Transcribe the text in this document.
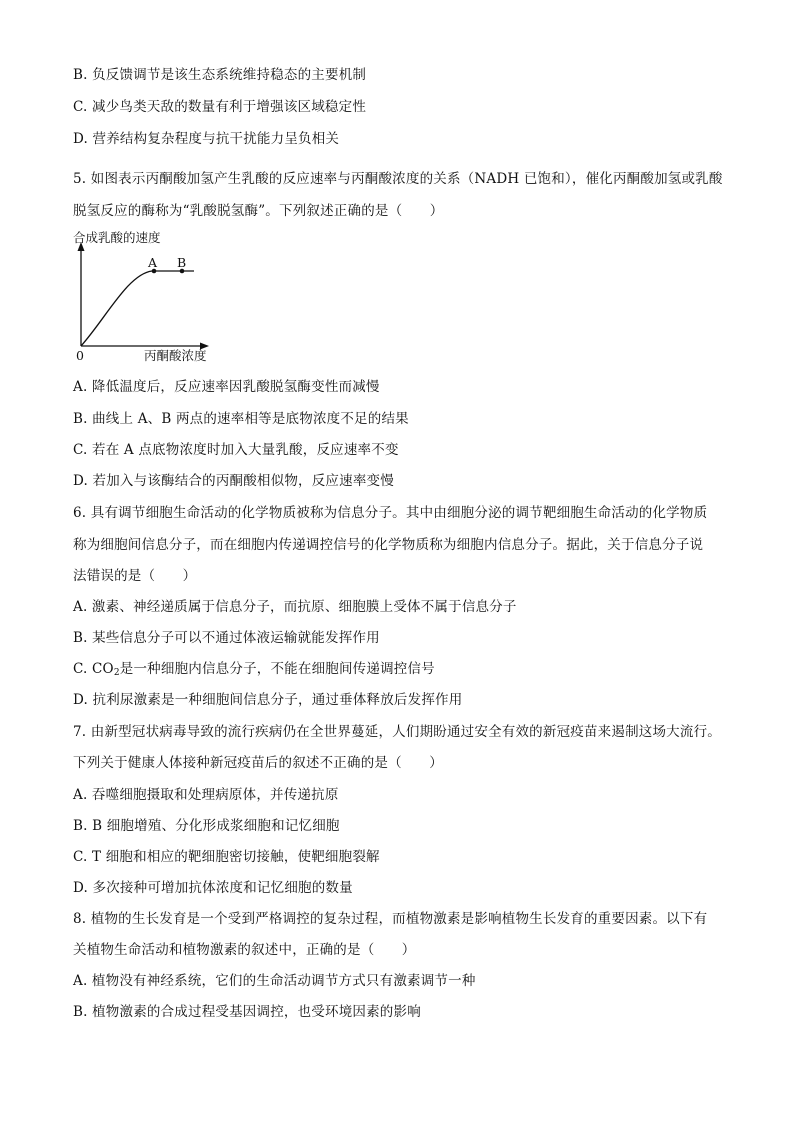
B. 负反馈调节是该生态系统维持稳态的主要机制
C. 减少鸟类天敌的数量有利于增强该区域稳定性
D. 营养结构复杂程度与抗干扰能力呈负相关
5. 如图表示丙酮酸加氢产生乳酸的反应速率与丙酮酸浓度的关系（NADH 已饱和），催化丙酮酸加氢或乳酸
脱氢反应的酶称为“乳酸脱氢酶”。下列叙述正确的是（　　）
合成乳酸的速度
A B
0	丙酮酸浓度
A. 降低温度后，反应速率因乳酸脱氢酶变性而减慢
B. 曲线上 A、B 两点的速率相等是底物浓度不足的结果
C. 若在 A 点底物浓度时加入大量乳酸，反应速率不变
D. 若加入与该酶结合的丙酮酸相似物，反应速率变慢
6. 具有调节细胞生命活动的化学物质被称为信息分子。其中由细胞分泌的调节靶细胞生命活动的化学物质
称为细胞间信息分子，而在细胞内传递调控信号的化学物质称为细胞内信息分子。据此，关于信息分子说
法错误的是（　　）
A. 激素、神经递质属于信息分子，而抗原、细胞膜上受体不属于信息分子
B. 某些信息分子可以不通过体液运输就能发挥作用
C. $CO_2$是一种细胞内信息分子，不能在细胞间传递调控信号
D. 抗利尿激素是一种细胞间信息分子，通过垂体释放后发挥作用
7. 由新型冠状病毒导致的流行疾病仍在全世界蔓延，人们期盼通过安全有效的新冠疫苗来遏制这场大流行。
下列关于健康人体接种新冠疫苗后的叙述不正确的是（　　）
A. 吞噬细胞摄取和处理病原体，并传递抗原
B. B 细胞增殖、分化形成浆细胞和记忆细胞
C. T 细胞和相应的靶细胞密切接触，使靶细胞裂解
D. 多次接种可增加抗体浓度和记忆细胞的数量
8. 植物的生长发育是一个受到严格调控的复杂过程，而植物激素是影响植物生长发育的重要因素。以下有
关植物生命活动和植物激素的叙述中，正确的是（　　）
A. 植物没有神经系统，它们的生命活动调节方式只有激素调节一种
B. 植物激素的合成过程受基因调控，也受环境因素的影响
